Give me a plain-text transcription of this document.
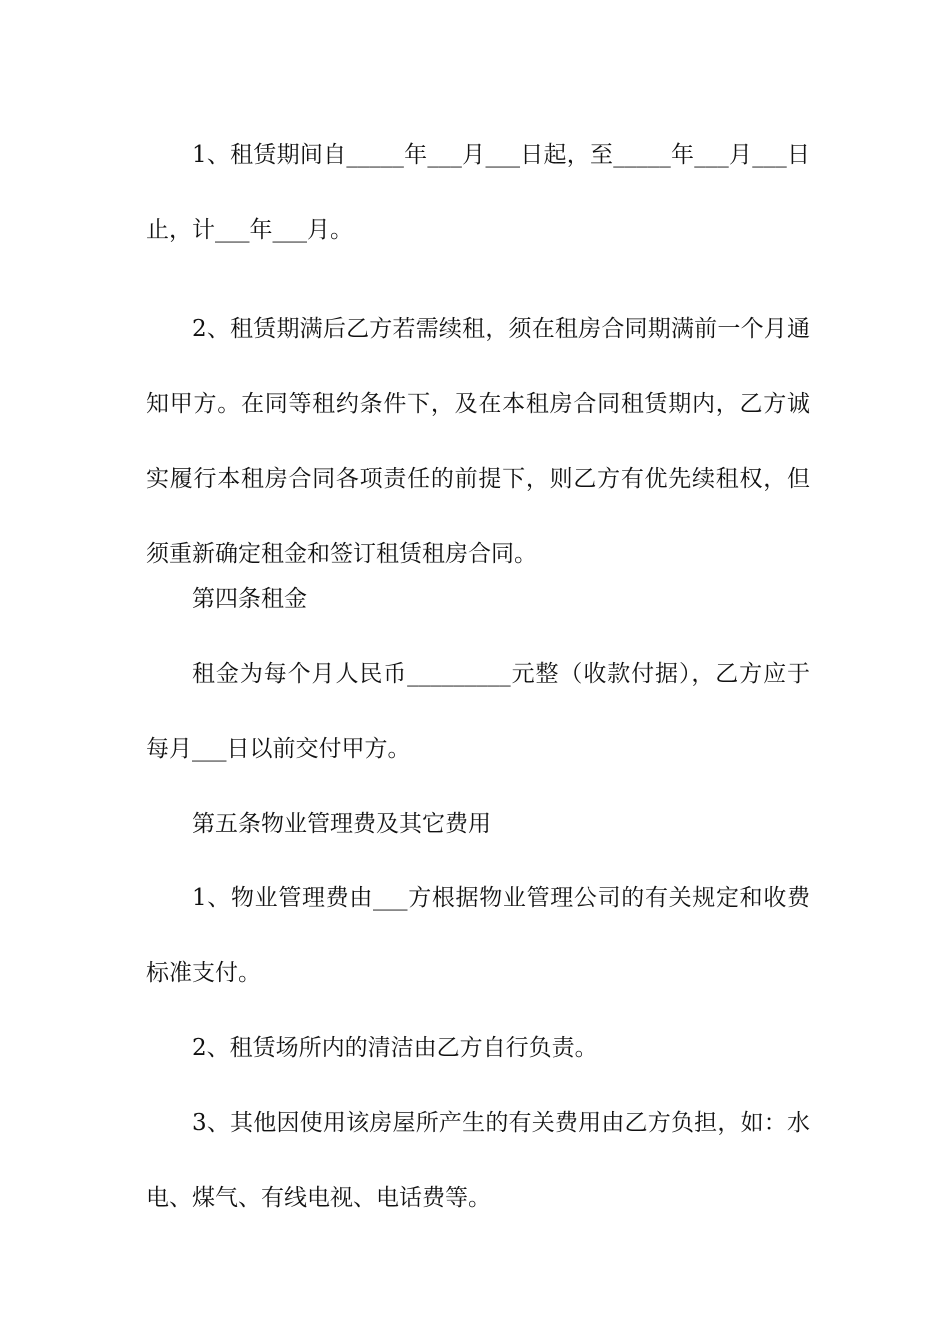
1、租赁期间自_____年___月___日起，至_____年___月___日止，计___年___月。

2、租赁期满后乙方若需续租，须在租房合同期满前一个月通知甲方。在同等租约条件下，及在本租房合同租赁期内，乙方诚实履行本租房合同各项责任的前提下，则乙方有优先续租权，但须重新确定租金和签订租赁租房合同。

第四条租金

租金为每个月人民币_________元整（收款付据），乙方应于每月___日以前交付甲方。

第五条物业管理费及其它费用

1、物业管理费由___方根据物业管理公司的有关规定和收费标准支付。

2、租赁场所内的清洁由乙方自行负责。

3、其他因使用该房屋所产生的有关费用由乙方负担，如：水电、煤气、有线电视、电话费等。
